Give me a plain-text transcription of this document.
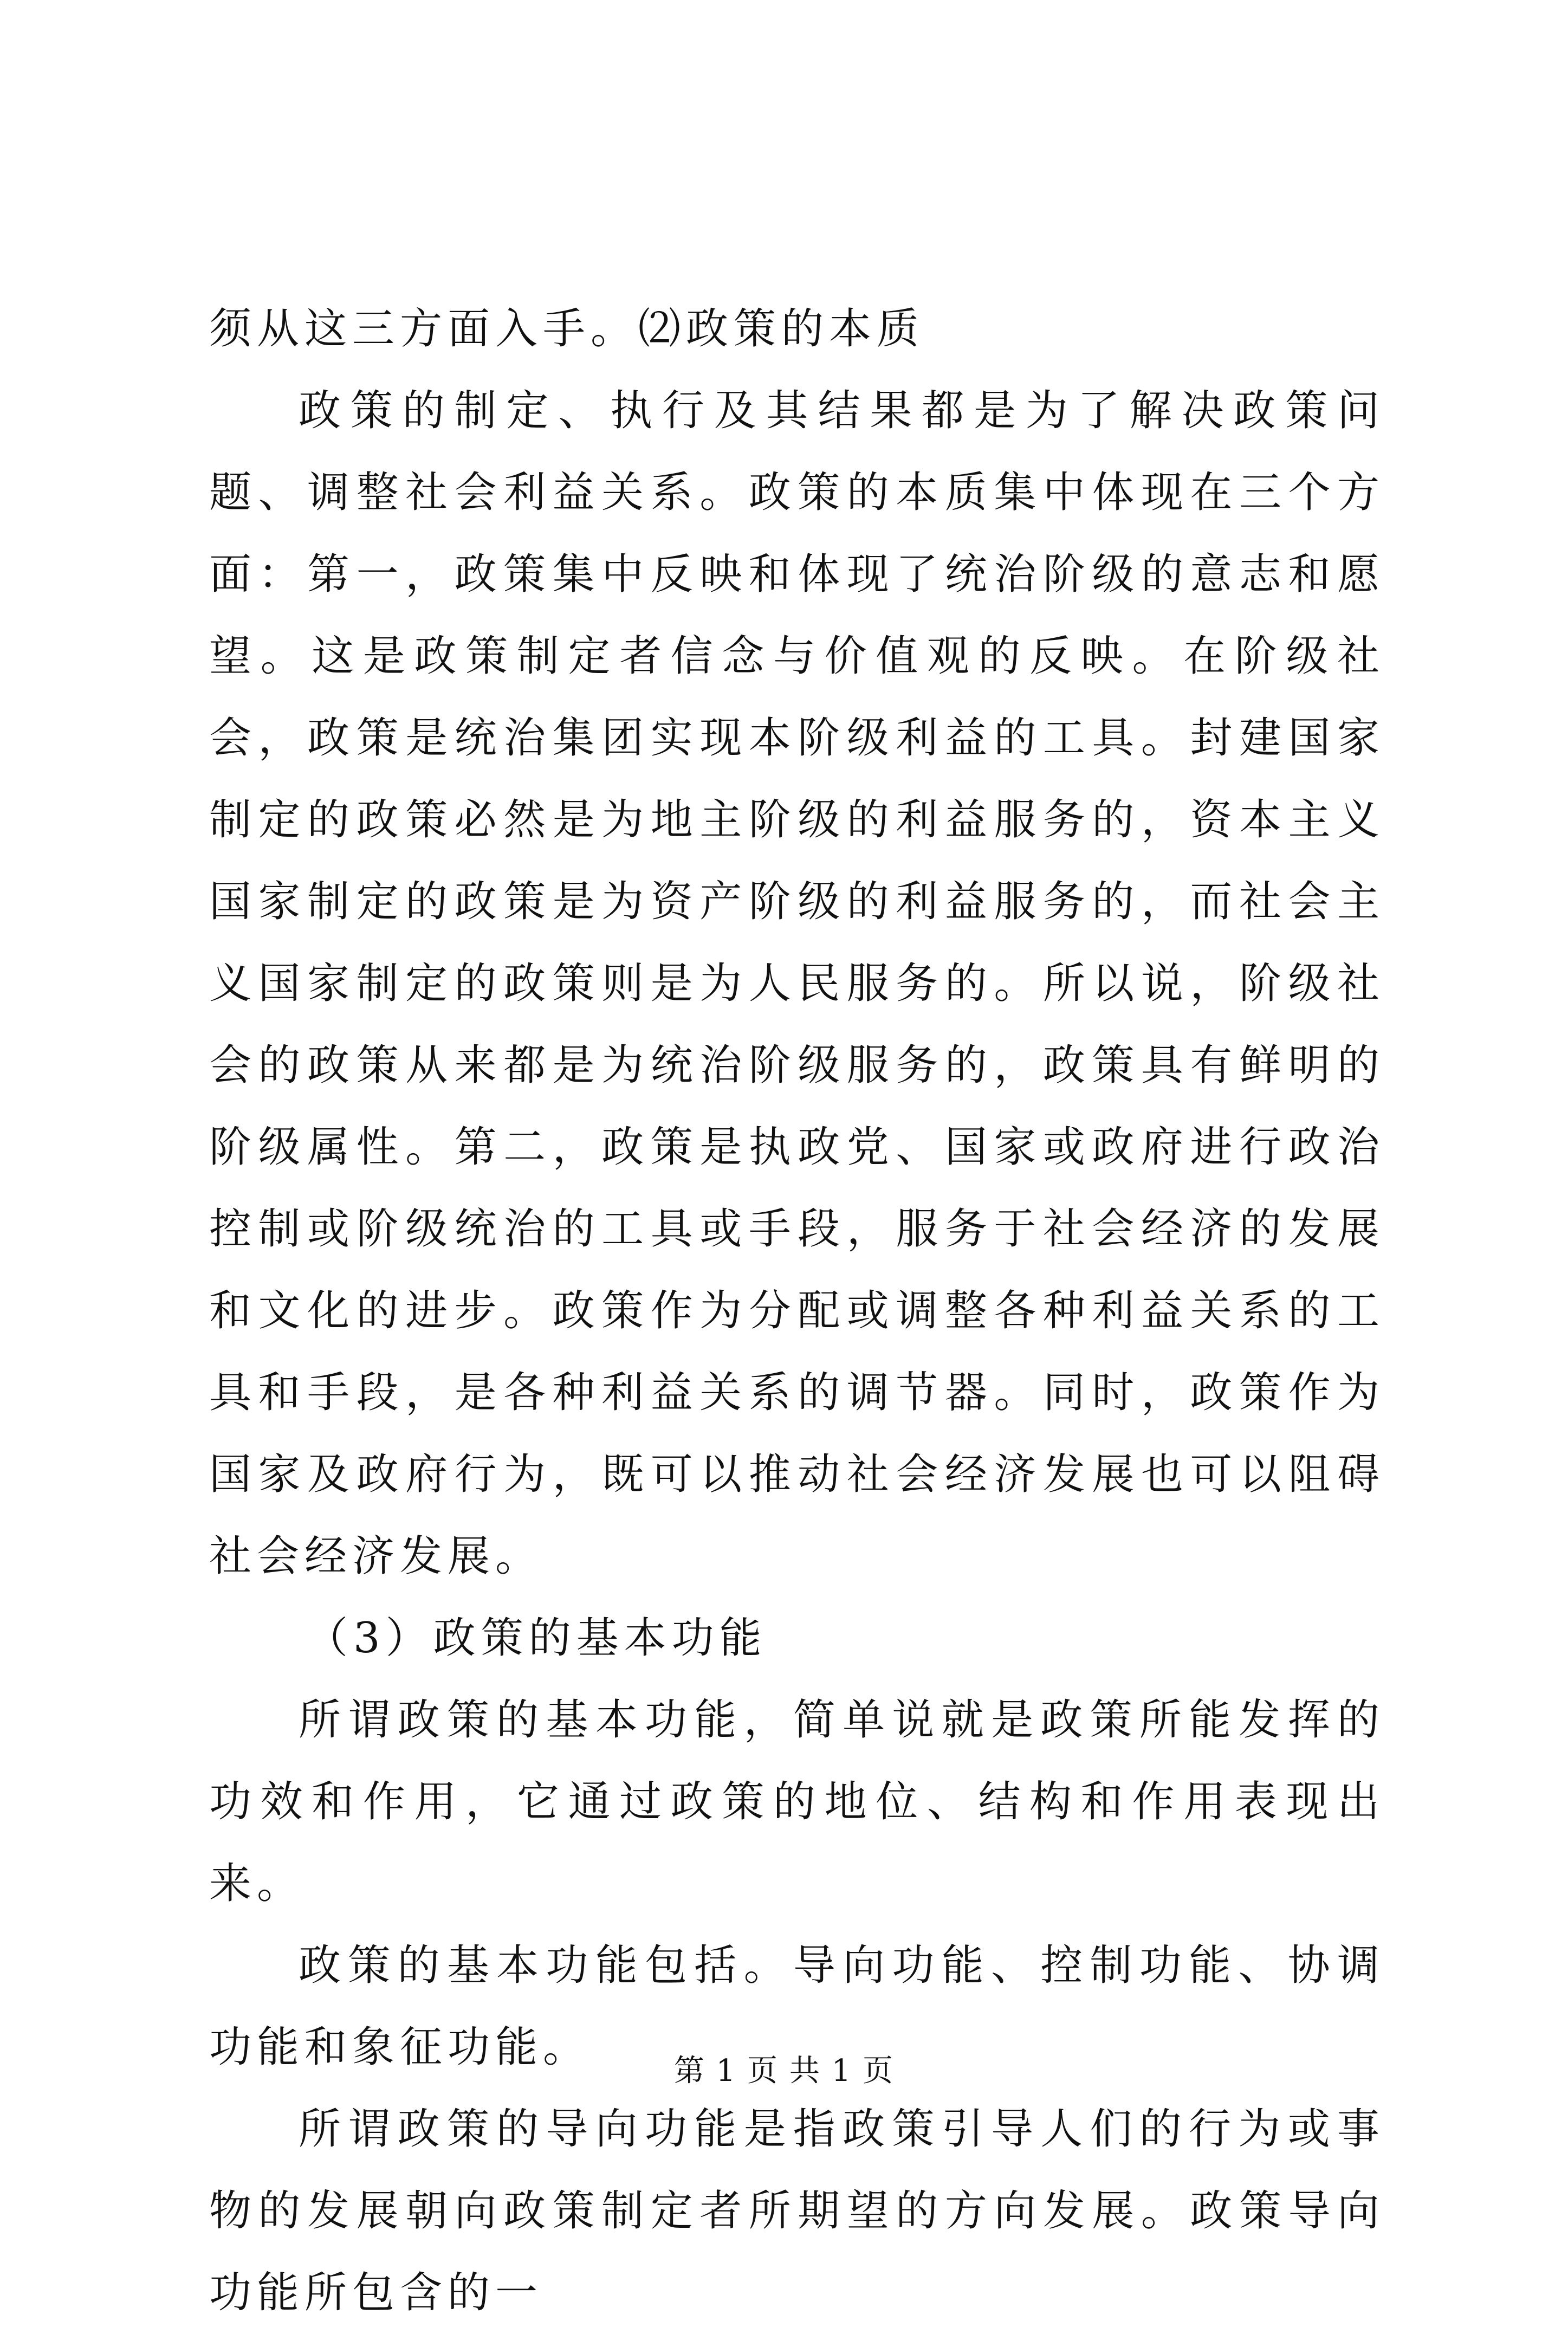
须从这三方面入手。⑵政策的本质

政策的制定、执行及其结果都是为了解决政策问题、调整社会利益关系。政策的本质集中体现在三个方面：第一，政策集中反映和体现了统治阶级的意志和愿望。这是政策制定者信念与价值观的反映。在阶级社会，政策是统治集团实现本阶级利益的工具。封建国家制定的政策必然是为地主阶级的利益服务的，资本主义国家制定的政策是为资产阶级的利益服务的，而社会主义国家制定的政策则是为人民服务的。所以说，阶级社会的政策从来都是为统治阶级服务的，政策具有鲜明的阶级属性。第二，政策是执政党、国家或政府进行政治控制或阶级统治的工具或手段，服务于社会经济的发展和文化的进步。政策作为分配或调整各种利益关系的工具和手段，是各种利益关系的调节器。同时，政策作为国家及政府行为，既可以推动社会经济发展也可以阻碍社会经济发展。

（3）政策的基本功能

所谓政策的基本功能，简单说就是政策所能发挥的功效和作用，它通过政策的地位、结构和作用表现出来。

政策的基本功能包括。导向功能、控制功能、协调功能和象征功能。

所谓政策的导向功能是指政策引导人们的行为或事物的发展朝向政策制定者所期望的方向发展。政策导向功能所包含的一

第 1 页 共 1 页
